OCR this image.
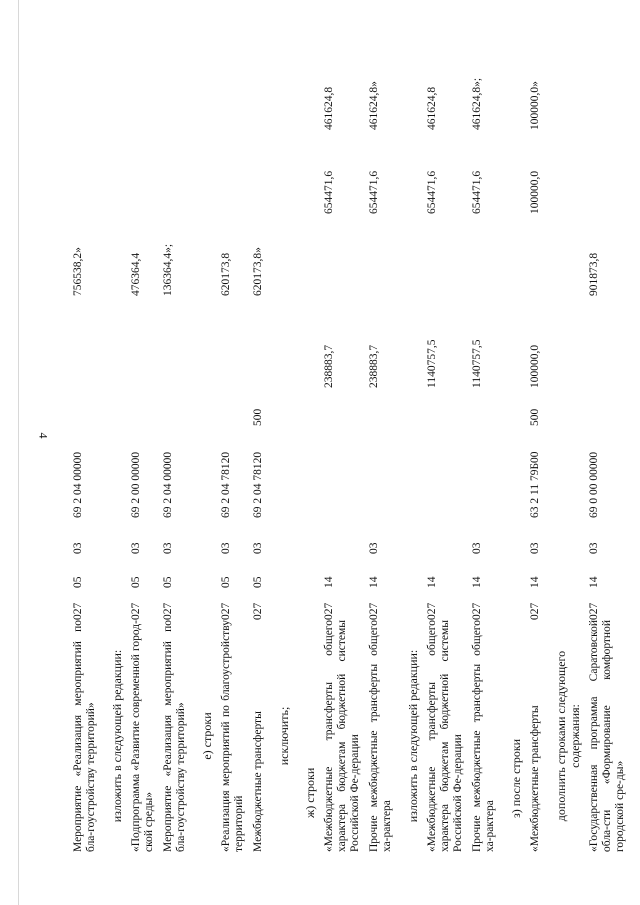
4
Мероприятие «Реализация мероприятий по бла-гоустройству территорий»
027
05
03
69 2 04 00000
756538,2»
изложить в следующей редакции: «Подпрограмма «Развитие современной город-ской среды»
027
05
03
69 2 00 00000
476364,4
Мероприятие «Реализация мероприятий по бла-гоустройству территорий»
027
05
03
69 2 04 00000
136364,4»;
е) строки «Реализация мероприятий по благоустройству территорий
027
05
03
69 2 04 78120
620173,8
Межбюджетные трансферты
027
05
03
69 2 04 78120
500
620173,8»
исключить;
ж) строки «Межбюджетные трансферты общего характера бюджетам бюджетной системы Российской Фе-дерации
027
14
238883,7
654471,6
461624,8
Прочие межбюджетные трансферты общего ха-рактера
027
14
03
238883,7
654471,6
461624,8»
изложить в следующей редакции: «Межбюджетные трансферты общего характера бюджетам бюджетной системы Российской Фе-дерации
027
14
1140757,5
654471,6
461624,8
Прочие межбюджетные трансферты общего ха-рактера
027
14
03
1140757,5
654471,6
461624,8»;
з) после строки «Межбюджетные трансферты
027
14
03
63 2 11 79Б00
500
100000,0
100000,0
100000,0»
дополнить строками следующего содержания: «Государственная программа Саратовской обла-сти «Формирование комфортной городской сре-ды»
027
14
03
69 0 00 00000
901873,8
